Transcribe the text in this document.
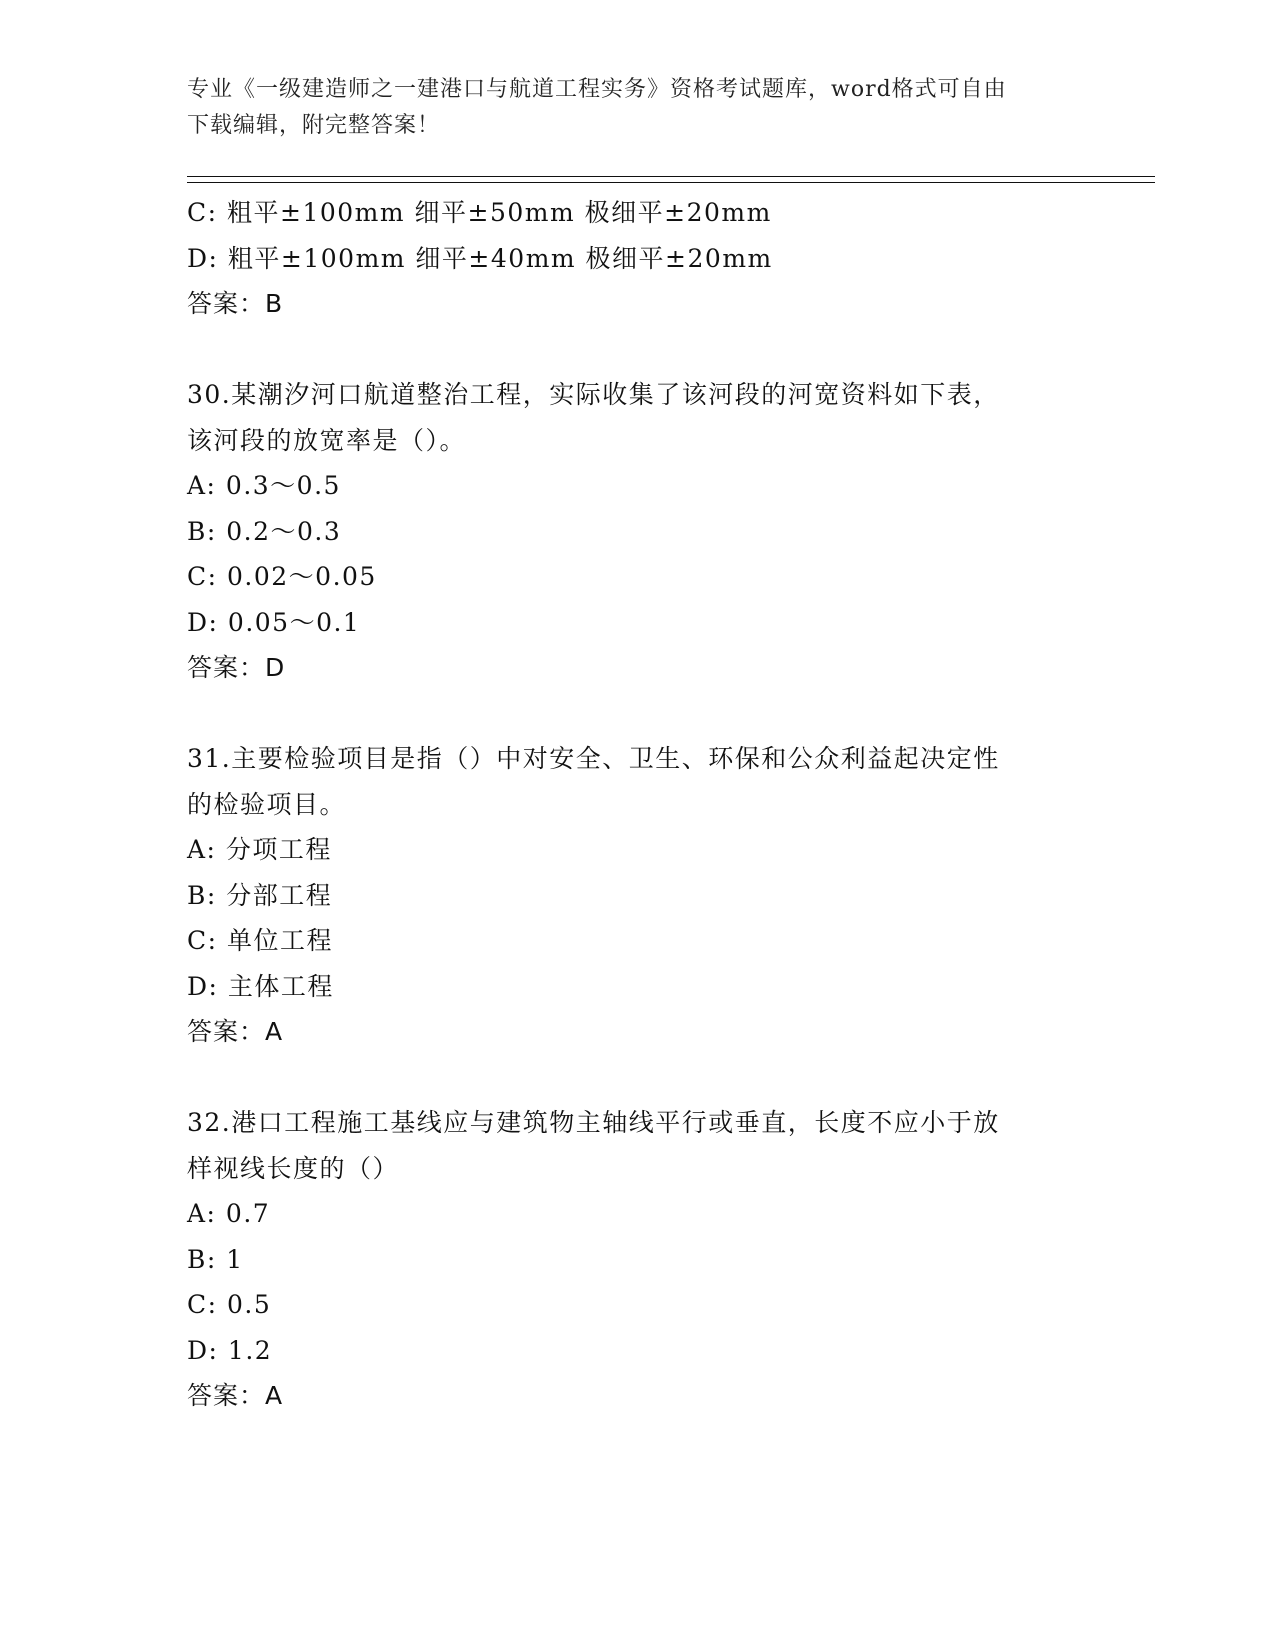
专业《一级建造师之一建港口与航道工程实务》资格考试题库，word格式可自由
下载编辑，附完整答案！
C: 粗平±100mm 细平±50mm 极细平±20mm
D: 粗平±100mm 细平±40mm 极细平±20mm
答案：B
30.某潮汐河口航道整治工程，实际收集了该河段的河宽资料如下表，
该河段的放宽率是（）。
A: 0.3～0.5
B: 0.2～0.3
C: 0.02～0.05
D: 0.05～0.1
答案：D
31.主要检验项目是指（）中对安全、卫生、环保和公众利益起决定性
的检验项目。
A: 分项工程
B: 分部工程
C: 单位工程
D: 主体工程
答案：A
32.港口工程施工基线应与建筑物主轴线平行或垂直，长度不应小于放
样视线长度的（）
A: 0.7
B: 1
C: 0.5
D: 1.2
答案：A
